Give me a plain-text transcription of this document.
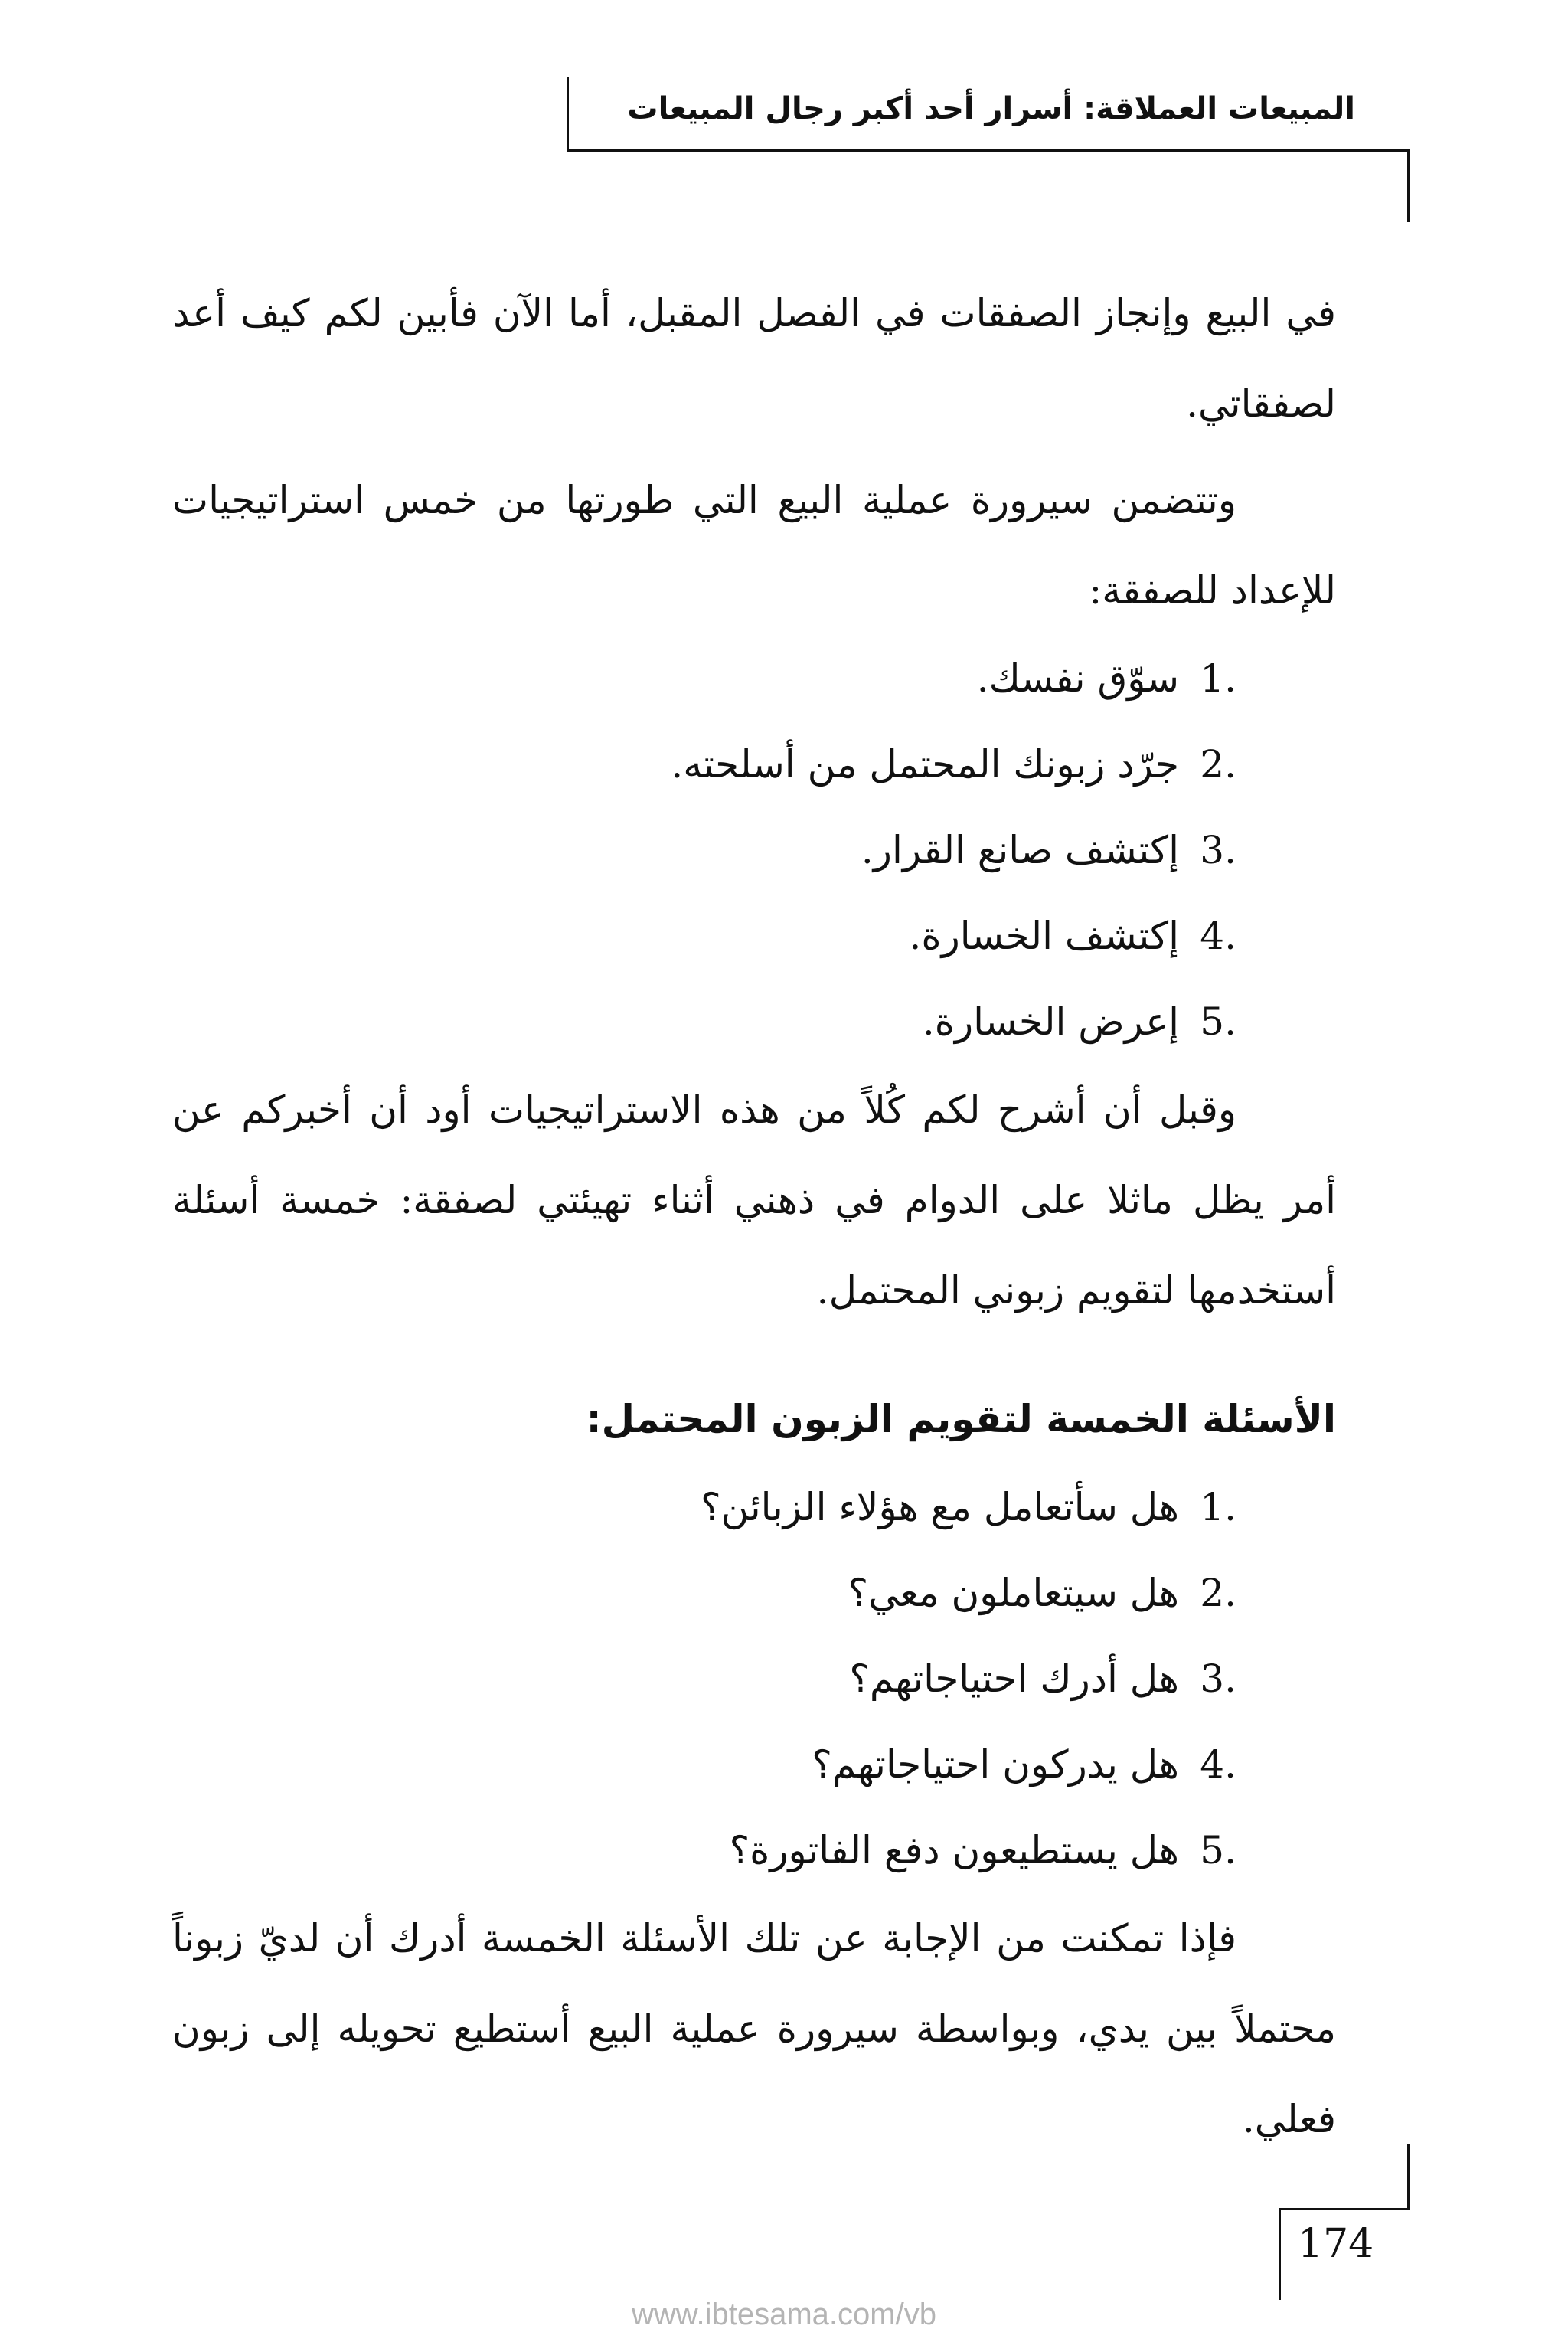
المبيعات العملاقة: أسرار أحد أكبر رجال المبيعات

في البيع وإنجاز الصفقات في الفصل المقبل، أما الآن فأبين لكم كيف أعد لصفقاتي.

وتتضمن سيرورة عملية البيع التي طورتها من خمس استراتيجيات للإعداد للصفقة:

1.
سوّق نفسك.
2.
جرّد زبونك المحتمل من أسلحته.
3.
إكتشف صانع القرار.
4.
إكتشف الخسارة.
5.
إعرض الخسارة.

وقبل أن أشرح لكم كُلاً من هذه الاستراتيجيات أود أن أخبركم عن أمر يظل ماثلا على الدوام في ذهني أثناء تهيئتي لصفقة: خمسة أسئلة أستخدمها لتقويم زبوني المحتمل.

الأسئلة الخمسة لتقويم الزبون المحتمل:
1.
هل سأتعامل مع هؤلاء الزبائن؟
2.
هل سيتعاملون معي؟
3.
هل أدرك احتياجاتهم؟
4.
هل يدركون احتياجاتهم؟
5.
هل يستطيعون دفع الفاتورة؟

فإذا تمكنت من الإجابة عن تلك الأسئلة الخمسة أدرك أن لديّ زبوناً محتملاً بين يدي، وبواسطة سيرورة عملية البيع أستطيع تحويله إلى زبون فعلي.

174
www.ibtesama.com/vb
